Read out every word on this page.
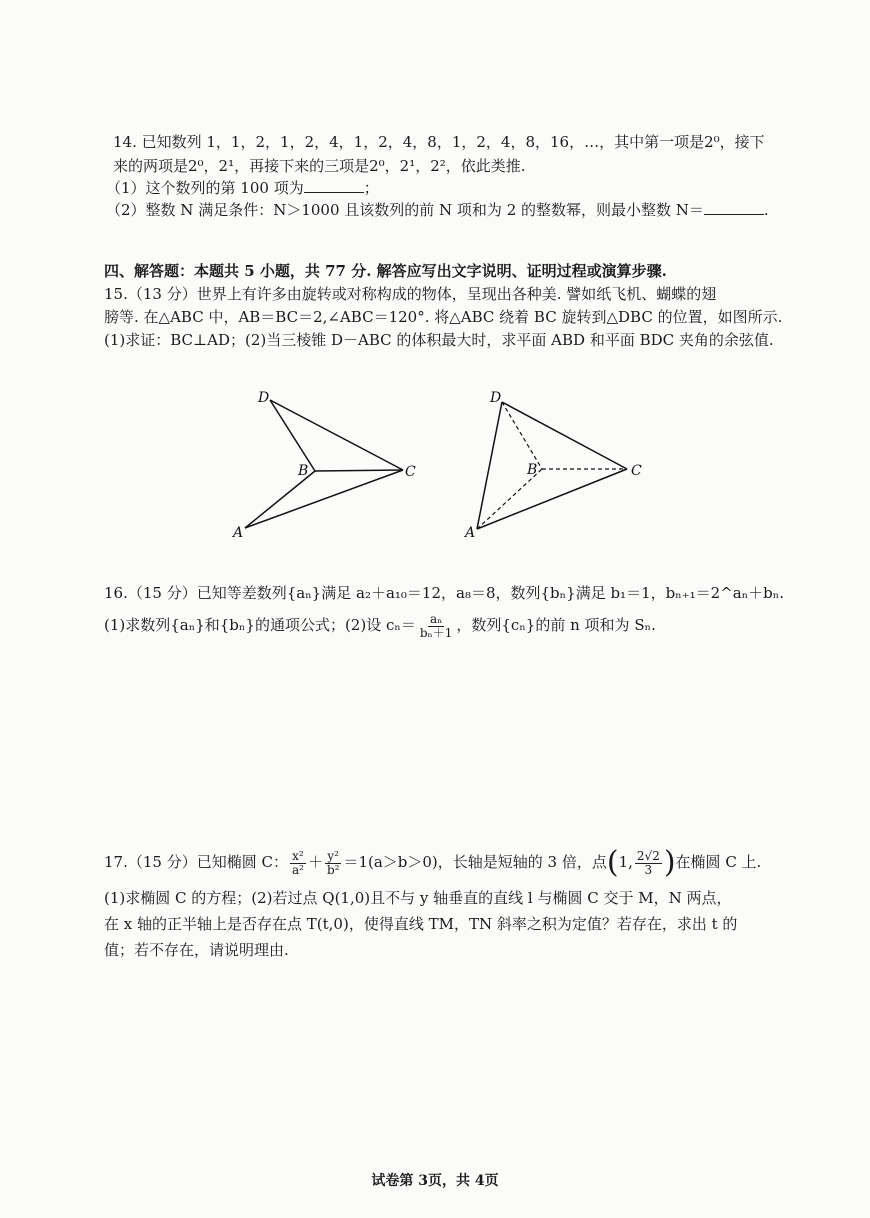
14. 已知数列 1，1，2，1，2，4，1，2，4，8，1，2，4，8，16，…，其中第一项是2⁰，接下
来的两项是2⁰，2¹，再接下来的三项是2⁰，2¹，2²，依此类推.
（1）这个数列的第 100 项为	；
（2）整数 N 满足条件：N＞1000 且该数列的前 N 项和为 2 的整数幂，则最小整数 N＝	.
四、解答题：本题共 5 小题，共 77 分. 解答应写出文字说明、证明过程或演算步骤.
15.（13 分）世界上有许多由旋转或对称构成的物体，呈现出各种美. 譬如纸飞机、蝴蝶的翅
膀等. 在△ABC 中，AB＝BC＝2,∠ABC＝120°. 将△ABC 绕着 BC 旋转到△DBC 的位置，如图所示.
(1)求证：BC⊥AD；(2)当三棱锥 D－ABC 的体积最大时，求平面 ABD 和平面 BDC 夹角的余弦值.
D
B	C
A
D
B	C
A
16.（15 分）已知等差数列{aₙ}满足 a₂＋a₁₀＝12，a₈＝8，数列{bₙ}满足 b₁＝1，bₙ₊₁＝2^aₙ＋bₙ.
(1)求数列{aₙ}和{bₙ}的通项公式；(2)设 $c_n= \frac{\text{aₙ}}{\text{bₙ＋1}}$ ，数列{cₙ}的前 n 项和为 Sₙ.
17.（15 分）已知椭圆 C： $\frac{\text{x²}}{\text{a²}} + \frac{\text{y²}}{\text{b²}} =1(a>b>0)$，长轴是短轴的 3 倍，点(1, $\frac{2√2}{3}$ )在椭圆 C 上.
(1)求椭圆 C 的方程；(2)若过点 Q(1,0)且不与 y 轴垂直的直线 l 与椭圆 C 交于 M，N 两点，
在 x 轴的正半轴上是否存在点 T(t,0)，使得直线 TM，TN 斜率之积为定值？若存在，求出 t 的
值；若不存在，请说明理由.
试卷第 3页，共 4页
